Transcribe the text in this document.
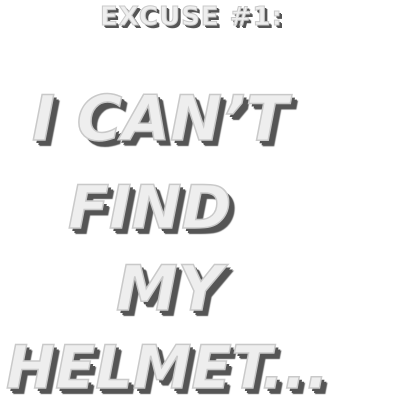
EXCUSE #1:
I CAN’T
FIND
MY
HELMET...
